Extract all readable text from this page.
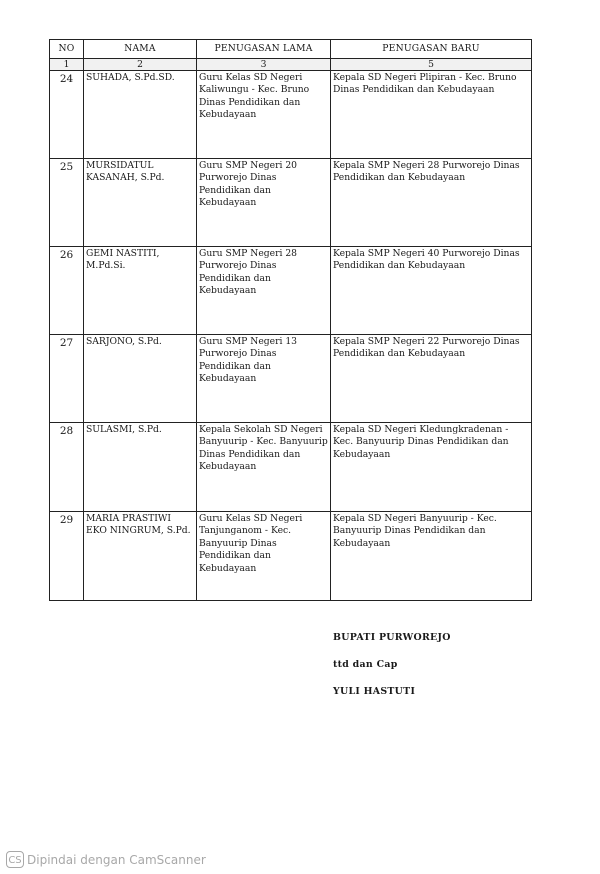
NO	NAMA	PENUGASAN LAMA	PENUGASAN BARU
1	2	3	5
24	SUHADA, S.Pd.SD.	Guru Kelas SD Negeri Kaliwungu - Kec. Bruno Dinas Pendidikan dan Kebudayaan	Kepala SD Negeri Plipiran - Kec. Bruno Dinas Pendidikan dan Kebudayaan
25	MURSIDATUL KASANAH, S.Pd.	Guru SMP Negeri 20 Purworejo Dinas Pendidikan dan Kebudayaan	Kepala SMP Negeri 28 Purworejo Dinas Pendidikan dan Kebudayaan
26	GEMI NASTITI, M.Pd.Si.	Guru SMP Negeri 28 Purworejo Dinas Pendidikan dan Kebudayaan	Kepala SMP Negeri 40 Purworejo Dinas Pendidikan dan Kebudayaan
27	SARJONO, S.Pd.	Guru SMP Negeri 13 Purworejo Dinas Pendidikan dan Kebudayaan	Kepala SMP Negeri 22 Purworejo Dinas Pendidikan dan Kebudayaan
28	SULASMI, S.Pd.	Kepala Sekolah SD Negeri Banyuurip - Kec. Banyuurip Dinas Pendidikan dan Kebudayaan	Kepala SD Negeri Kledungkradenan - Kec. Banyuurip Dinas Pendidikan dan Kebudayaan
29	MARIA PRASTIWI EKO NINGRUM, S.Pd.	Guru Kelas SD Negeri Tanjunganom - Kec. Banyuurip Dinas Pendidikan dan Kebudayaan	Kepala SD Negeri Banyuurip - Kec. Banyuurip Dinas Pendidikan dan Kebudayaan
BUPATI PURWOREJO
ttd dan Cap
YULI HASTUTI
CS Dipindai dengan CamScanner
